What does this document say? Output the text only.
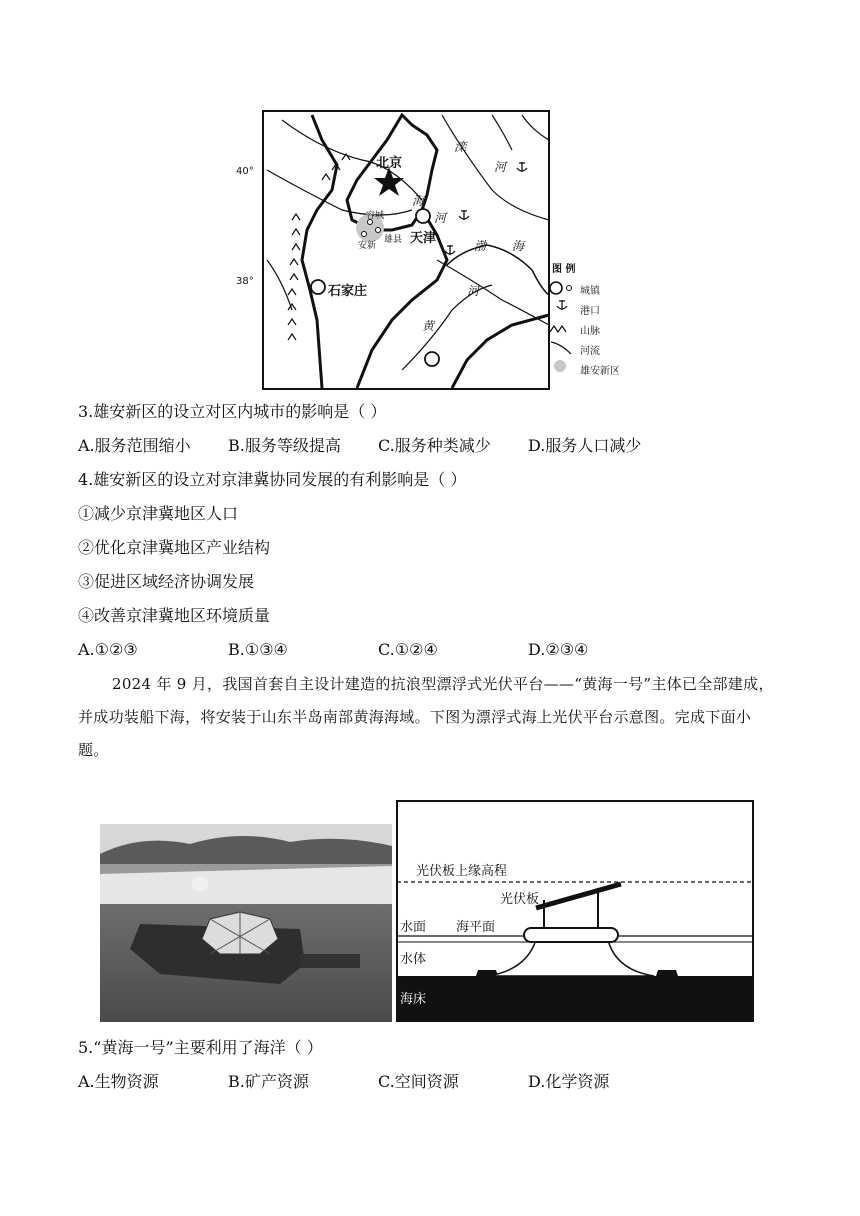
40°
38°
北京
天津
石家庄
容城
安新
雄县
滦
河
海
河
渤 海
黄
河
图 例
城镇
港口
山脉
河流
雄安新区
3.雄安新区的设立对区内城市的影响是（ ）
A.服务范围缩小 B.服务等级提高 C.服务种类减少 D.服务人口减少
4.雄安新区的设立对京津冀协同发展的有利影响是（ ）
①减少京津冀地区人口
②优化京津冀地区产业结构
③促进区域经济协调发展
④改善京津冀地区环境质量
A.①②③	B.①③④	C.①②④	D.②③④
2024 年 9 月，我国首套自主设计建造的抗浪型漂浮式光伏平台——“黄海一号”主体已全部建成，并成功装船下海，将安装于山东半岛南部黄海海域。下图为漂浮式海上光伏平台示意图。完成下面小题。
光伏板上缘高程
光伏板
水面 海平面
水体
海床
5.“黄海一号”主要利用了海洋（ ）
A.生物资源	B.矿产资源	C.空间资源	D.化学资源
